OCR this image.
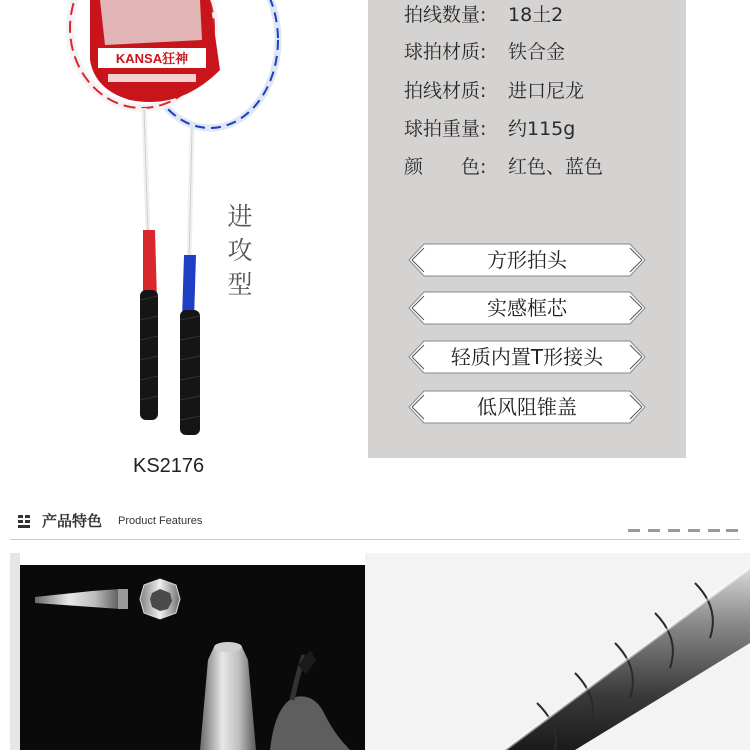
KANSA狂神
进
攻
型
KS2176
拍线数量: 18土2
球拍材质: 铁合金
拍线材质: 进口尼龙
球拍重量: 约115g
颜　　色: 红色、蓝色
方形拍头
实感框芯
轻质内置T形接头
低风阻锥盖
产品特色 Product Features
